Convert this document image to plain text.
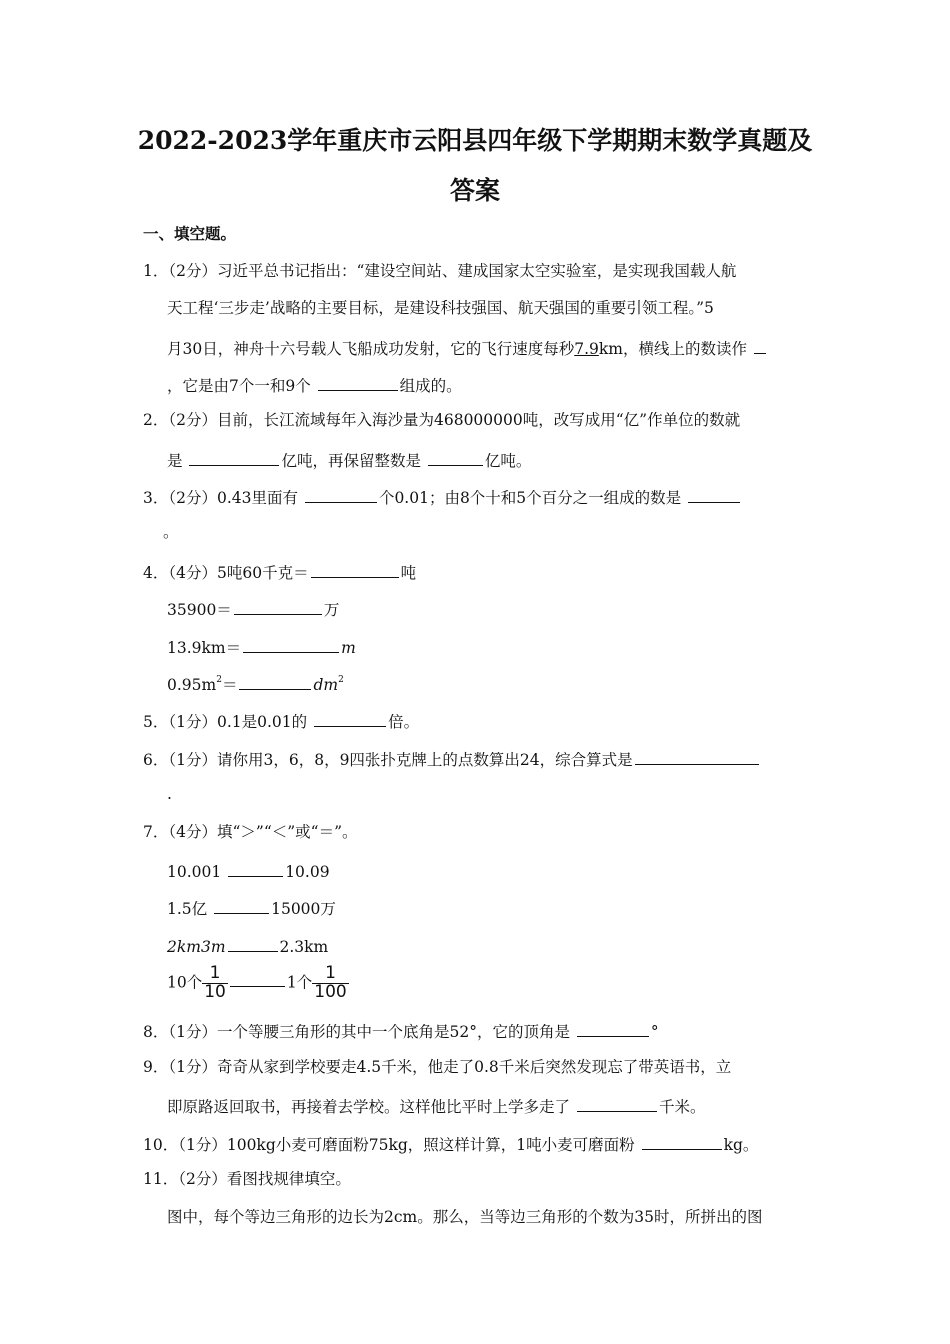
2022-2023学年重庆市云阳县四年级下学期期末数学真题及
答案
一、填空题。
1．（2分）习近平总书记指出：“建设空间站、建成国家太空实验室，是实现我国载人航
天工程‘三步走’战略的主要目标，是建设科技强国、航天强国的重要引领工程。”5
月30日，神舟十六号载人飞船成功发射，它的飞行速度每秒7.9km，横线上的数读作
，它是由7个一和9个	组成的。
2．（2分）目前，长江流域每年入海沙量为468000000吨，改写成用“亿”作单位的数就
是	亿吨，再保留整数是	亿吨。
3．（2分）0.43里面有	个0.01；由8个十和5个百分之一组成的数是
。
4．（4分）5吨60千克＝	吨
35900＝	万
13.9km＝	m
$0.95m^2=$	$dm^2$
5．（1分）0.1是0.01的	倍。
6．（1分）请你用3，6，8，9四张扑克牌上的点数算出24，综合算式是
.
7．（4分）填“＞”“＜”或“＝”。
10.001	10.09
1.5亿	15000万
2km3m	2.3km
10个 $\frac{1}{10}$	1个 $\frac{1}{100}$
8．（1分）一个等腰三角形的其中一个底角是52°，它的顶角是	°
9．（1分）奇奇从家到学校要走4.5千米，他走了0.8千米后突然发现忘了带英语书，立
即原路返回取书，再接着去学校。这样他比平时上学多走了	千米。
10．（1分）100kg小麦可磨面粉75kg，照这样计算，1吨小麦可磨面粉	kg。
11．（2分）看图找规律填空。
图中，每个等边三角形的边长为2cm。那么，当等边三角形的个数为35时，所拼出的图
